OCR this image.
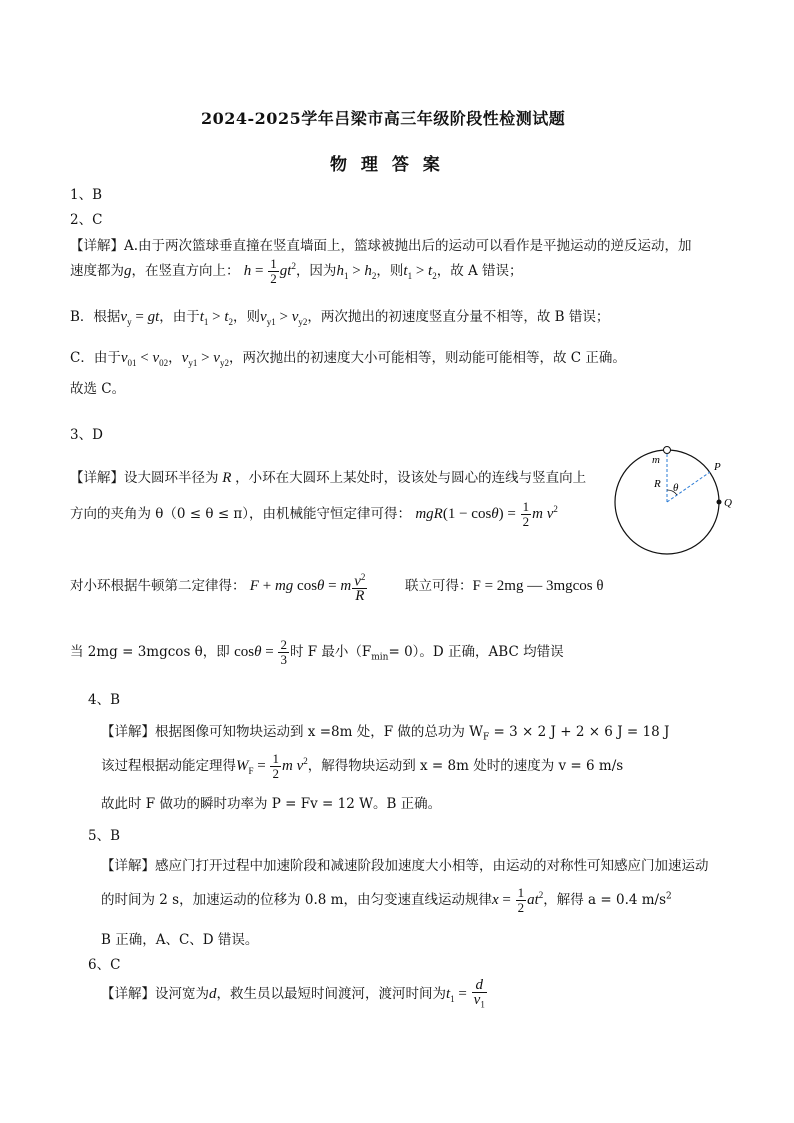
2024-2025学年吕梁市高三年级阶段性检测试题
物 理 答 案
1、B
2、C
【详解】A.由于两次篮球垂直撞在竖直墙面上，篮球被抛出后的运动可以看作是平抛运动的逆反运动，加
速度都为g，在竖直方向上： $h = \frac{1}{2} gt^2$，因为$h_1 > h_2$，则$t_1 > t_2$，故 A 错误；
B．根据$v_y$ = gt，由于$t_1 > t_2$，则$v_{y1} > v_{y2}$，两次抛出的初速度竖直分量不相等，故 B 错误；
C．由于$v_{01} < v_{02}$，$v_{y1} > v_{y2}$，两次抛出的初速度大小可能相等，则动能可能相等，故 C 正确。
故选 C。
3、D
【详解】设大圆环半径为 R ，小环在大圆环上某处时，设该处与圆心的连线与竖直向上
方向的夹角为 θ（0 ≤ θ ≤ π），由机械能守恒定律可得： $mgR(1 - \cos\theta) = \frac{1}{2}$ m $v^2$
对小环根据牛顿第二定律得： F + mg cosθ = m $\frac{v^2}{R}$	联立可得：F = 2mg — 3mgcos θ
当 2mg = 3mgcos θ，即 $\cos\theta = \frac{2}{3}$ 时 F 最小$(F_{min}= 0)$。D 正确，ABC 均错误
m
R θ
P
Q
4、B
【详解】根据图像可知物块运动到 x =8m 处，F 做的总功为 $W_F = 3 \times 2$ J + 2 × 6 J = 18 J
该过程根据动能定理得$W_F = \frac{1}{2}$ m $v^2$，解得物块运动到 x = 8m 处时的速度为 v = 6 m/s
故此时 F 做功的瞬时功率为 P = Fv = 12 W。B 正确。
5、B
【详解】感应门打开过程中加速阶段和减速阶段加速度大小相等，由运动的对称性可知感应门加速运动
的时间为 2 s，加速运动的位移为 0.8 m，由匀变速直线运动规律$x = \frac{1}{2} at^2$，解得 a = 0.4 $m/s^2$
B 正确，A、C、D 错误。
6、C
【详解】设河宽为d，救生员以最短时间渡河，渡河时间为$t_1 = \frac{d}{v_1}$
